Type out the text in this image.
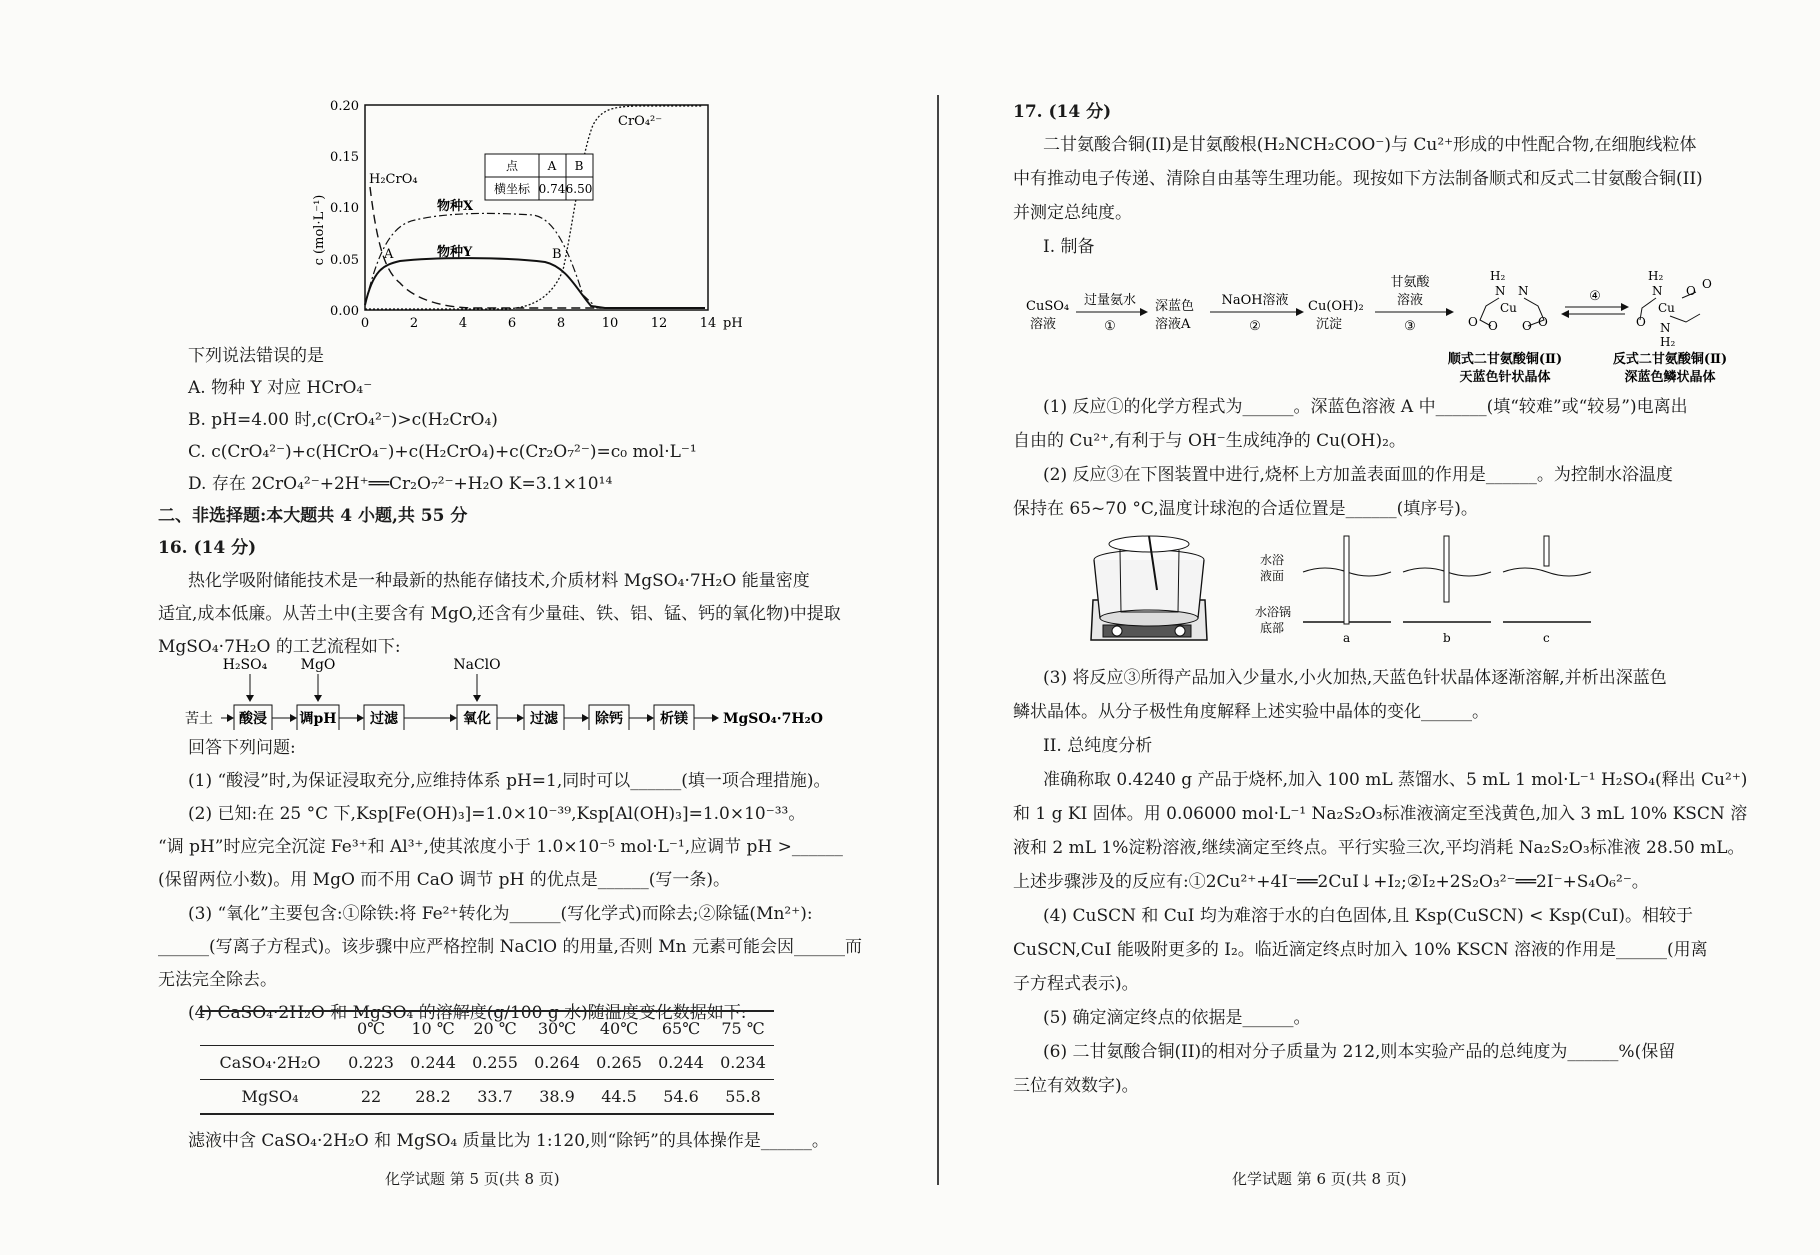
0.20
0.15
0.10
0.05
0.00
c (mol·L⁻¹)
0	2	4	6	8	10 12 14 pH
H₂CrO₄
CrO₄²⁻
物种X
物种Y
A	B
点 A B
横坐标 0.74 6.50
下列说法错误的是
A. 物种 Y 对应 HCrO₄⁻
B. pH=4.00 时,c(CrO₄²⁻)>c(H₂CrO₄)
C. c(CrO₄²⁻)+c(HCrO₄⁻)+c(H₂CrO₄)+c(Cr₂O₇²⁻)=c₀ mol·L⁻¹
D. 存在 2CrO₄²⁻+2H⁺══Cr₂O₇²⁻+H₂O K=3.1×10¹⁴
二、非选择题:本大题共 4 小题,共 55 分
16. (14 分)
热化学吸附储能技术是一种最新的热能存储技术,介质材料 MgSO₄·7H₂O 能量密度
适宜,成本低廉。从苦土中(主要含有 MgO,还含有少量硅、铁、铝、锰、钙的氧化物)中提取
MgSO₄·7H₂O 的工艺流程如下:
H₂SO₄ MgO	NaClO
苦土 酸浸 调pH 过滤	氧化	过滤	除钙	析镁	MgSO₄·7H₂O
回答下列问题:
(1) “酸浸”时,为保证浸取充分,应维持体系 pH=1,同时可以______(填一项合理措施)。
(2) 已知:在 25 °C 下,Ksp[Fe(OH)₃]=1.0×10⁻³⁹,Ksp[Al(OH)₃]=1.0×10⁻³³。
“调 pH”时应完全沉淀 Fe³⁺和 Al³⁺,使其浓度小于 1.0×10⁻⁵ mol·L⁻¹,应调节 pH >______
(保留两位小数)。用 MgO 而不用 CaO 调节 pH 的优点是______(写一条)。
(3) “氧化”主要包含:①除铁:将 Fe²⁺转化为______(写化学式)而除去;②除锰(Mn²⁺):
______(写离子方程式)。该步骤中应严格控制 NaClO 的用量,否则 Mn 元素可能会因______而
无法完全除去。
(4) CaSO₄·2H₂O 和 MgSO₄ 的溶解度(g/100 g 水)随温度变化数据如下:
	0℃	10 ℃	20 ℃	30℃	40℃	65℃	75 ℃
CaSO₄·2H₂O	0.223	0.244	0.255	0.264	0.265	0.244	0.234
MgSO₄	22	28.2	33.7	38.9	44.5	54.6	55.8
滤液中含 CaSO₄·2H₂O 和 MgSO₄ 质量比为 1:120,则“除钙”的具体操作是______。
化学试题 第 5 页(共 8 页)
17. (14 分)
二甘氨酸合铜(II)是甘氨酸根(H₂NCH₂COO⁻)与 Cu²⁺形成的中性配合物,在细胞线粒体
中有推动电子传递、清除自由基等生理功能。现按如下方法制备顺式和反式二甘氨酸合铜(II)
并测定总纯度。
I. 制备
CuSO₄
溶液
过量氨水
①
深蓝色
溶液A
NaOH溶液
②
Cu(OH)₂
沉淀
甘氨酸
溶液
③
H₂
N N
Cu
O O
O	O
④
H₂
N O
Cu
O N
H₂
O
顺式二甘氨酸铜(Ⅱ)
天蓝色针状晶体
反式二甘氨酸铜(Ⅱ)
深蓝色鳞状晶体
(1) 反应①的化学方程式为______。深蓝色溶液 A 中______(填“较难”或“较易”)电离出
自由的 Cu²⁺,有利于与 OH⁻生成纯净的 Cu(OH)₂。
(2) 反应③在下图装置中进行,烧杯上方加盖表面皿的作用是______。为控制水浴温度
保持在 65~70 °C,温度计球泡的合适位置是______(填序号)。
水浴
液面
水浴锅
底部
a	b	c
(3) 将反应③所得产品加入少量水,小火加热,天蓝色针状晶体逐渐溶解,并析出深蓝色
鳞状晶体。从分子极性角度解释上述实验中晶体的变化______。
II. 总纯度分析
准确称取 0.4240 g 产品于烧杯,加入 100 mL 蒸馏水、5 mL 1 mol·L⁻¹ H₂SO₄(释出 Cu²⁺)
和 1 g KI 固体。用 0.06000 mol·L⁻¹ Na₂S₂O₃标准液滴定至浅黄色,加入 3 mL 10% KSCN 溶
液和 2 mL 1%淀粉溶液,继续滴定至终点。平行实验三次,平均消耗 Na₂S₂O₃标准液 28.50 mL。
上述步骤涉及的反应有:①2Cu²⁺+4I⁻══2CuI↓+I₂;②I₂+2S₂O₃²⁻══2I⁻+S₄O₆²⁻。
(4) CuSCN 和 CuI 均为难溶于水的白色固体,且 Ksp(CuSCN) < Ksp(CuI)。相较于
CuSCN,CuI 能吸附更多的 I₂。临近滴定终点时加入 10% KSCN 溶液的作用是______(用离
子方程式表示)。
(5) 确定滴定终点的依据是______。
(6) 二甘氨酸合铜(II)的相对分子质量为 212,则本实验产品的总纯度为______%(保留
三位有效数字)。
化学试题 第 6 页(共 8 页)
